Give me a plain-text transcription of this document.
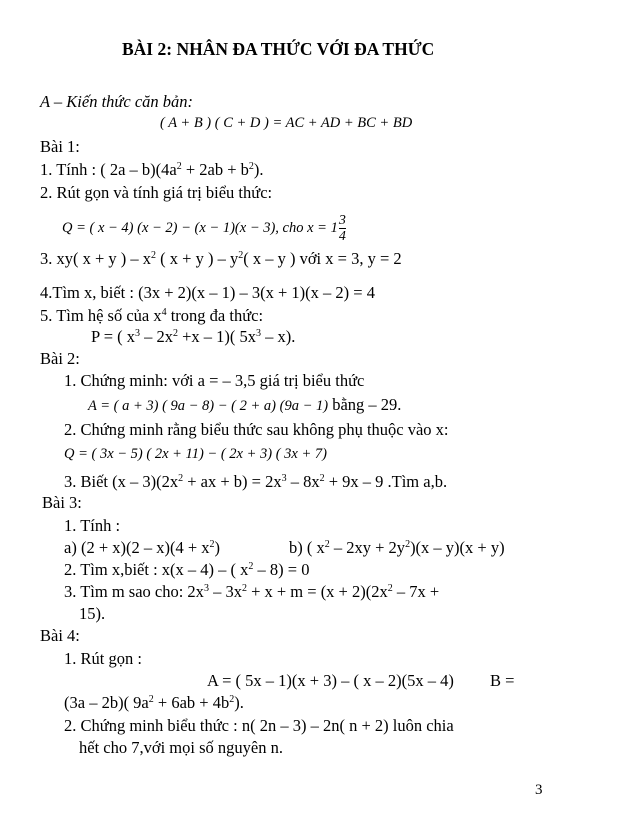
BÀI 2: NHÂN ĐA THỨC VỚI ĐA THỨC
A – Kiến thức căn bản:
( A + B ) ( C + D ) = AC + AD + BC + BD
Bài 1:
1. Tính : ( $2a - b)(4a^2 + 2ab + b^2)$.
2. Rút gọn và tính giá trị biểu thức:
Q = ( x − 4) (x − 2) − (x − 1)(x − 3), cho $x = 1 \frac{3}{4}$
3. xy( x + y ) – $x^2$ ( x + y ) – $y^2$( x – y ) với x = 3, y = 2
4.Tìm x, biết : (3x + 2)(x – 1) – 3(x + 1)(x – 2) = 4
5. Tìm hệ số của $x^4$ trong đa thức:
P = ( $x^3 - 2x^2 +x - 1$)( $5x^3 - x$).
Bài 2:
1. Chứng minh: với a = – 3,5 giá trị biểu thức
A = ( a + 3) ( 9a − 8) − ( 2 + a) (9a − 1) bằng – 29.
2. Chứng minh rằng biểu thức sau không phụ thuộc vào x:
Q = ( 3x − 5) ( 2x + 11) − ( 2x + 3) ( 3x + 7)
3. Biết $(x - 3)(2x^2$ + ax + $b) = 2x^3 - 8x^2 + 9x - 9$ .Tìm a,b.
Bài 3:
1. Tính :
a) $(2 + x)(2 - x)(4 + x^2)$	b) ( $x^2 - 2xy + 2y^2)(x - y)(x + y)$
2. Tìm x,biết : x(x – 4) – ( $x^2 - 8) = 0$
3. Tìm m sao cho: $2x^3 - 3x^2 + x + m = (x + 2)(2x^2 - 7x$ +
15).
Bài 4:
1. Rút gọn :
A = ( 5x – 1)(x + 3) – ( x – 2)(5x – 4) B =
(3a – 2b)( $9a^2 + 6ab + 4b^2$).
2. Chứng minh biểu thức : n( 2n – 3) – 2n( n + 2) luôn chia
hết cho 7,với mọi số nguyên n.
3
